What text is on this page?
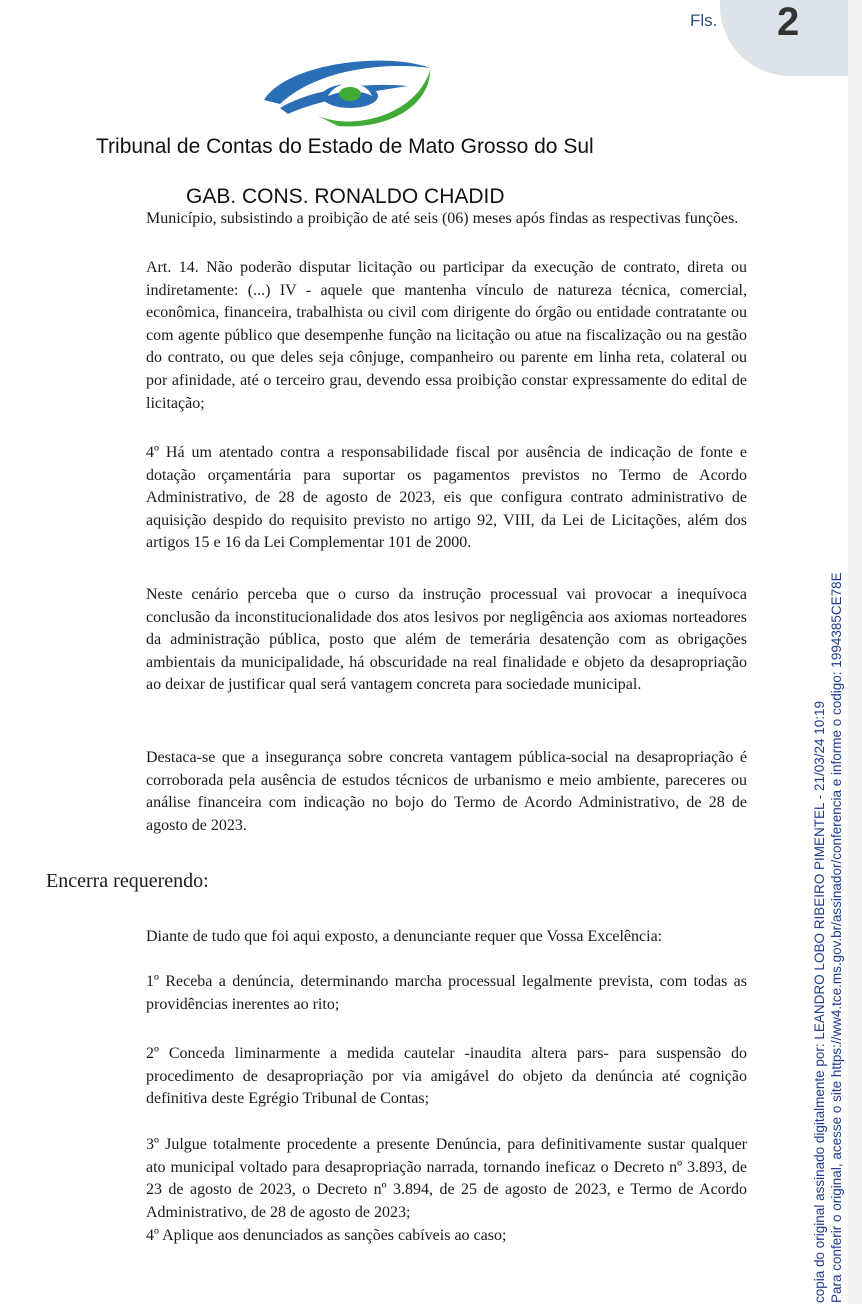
Fls. 2
Tribunal de Contas do Estado de Mato Grosso do Sul
GAB. CONS. RONALDO CHADID

Município, subsistindo a proibição de até seis (06) meses após findas as respectivas funções.

Art. 14. Não poderão disputar licitação ou participar da execução de contrato, direta ou indiretamente: (...) IV - aquele que mantenha vínculo de natureza técnica, comercial, econômica, financeira, trabalhista ou civil com dirigente do órgão ou entidade contratante ou com agente público que desempenhe função na licitação ou atue na fiscalização ou na gestão do contrato, ou que deles seja cônjuge, companheiro ou parente em linha reta, colateral ou por afinidade, até o terceiro grau, devendo essa proibição constar expressamente do edital de licitação;

4º Há um atentado contra a responsabilidade fiscal por ausência de indicação de fonte e dotação orçamentária para suportar os pagamentos previstos no Termo de Acordo Administrativo, de 28 de agosto de 2023, eis que configura contrato administrativo de aquisição despido do requisito previsto no artigo 92, VIII, da Lei de Licitações, além dos artigos 15 e 16 da Lei Complementar 101 de 2000.

Neste cenário perceba que o curso da instrução processual vai provocar a inequívoca conclusão da inconstitucionalidade dos atos lesivos por negligência aos axiomas norteadores da administração pública, posto que além de temerária desatenção com as obrigações ambientais da municipalidade, há obscuridade na real finalidade e objeto da desapropriação ao deixar de justificar qual será vantagem concreta para sociedade municipal.

Destaca-se que a insegurança sobre concreta vantagem pública-social na desapropriação é corroborada pela ausência de estudos técnicos de urbanismo e meio ambiente, pareceres ou análise financeira com indicação no bojo do Termo de Acordo Administrativo, de 28 de agosto de 2023.

Encerra requerendo:

Diante de tudo que foi aqui exposto, a denunciante requer que Vossa Excelência:

1º Receba a denúncia, determinando marcha processual legalmente prevista, com todas as providências inerentes ao rito;

2º Conceda liminarmente a medida cautelar -inaudita altera pars- para suspensão do procedimento de desapropriação por via amigável do objeto da denúncia até cognição definitiva deste Egrégio Tribunal de Contas;

3º Julgue totalmente procedente a presente Denúncia, para definitivamente sustar qualquer ato municipal voltado para desapropriação narrada, tornando ineficaz o Decreto nº 3.893, de 23 de agosto de 2023, o Decreto nº 3.894, de 25 de agosto de 2023, e Termo de Acordo Administrativo, de 28 de agosto de 2023;

4º Aplique aos denunciados as sanções cabíveis ao caso;	copia do original assinado digitalmente por: LEANDRO LOBO RIBEIRO PIMENTEL - 21/03/24 10:19 Para conferir o original, acesse o site https://ww4.tce.ms.gov.br/assinador/conferencia e informe o codigo: 1994385CE78E
